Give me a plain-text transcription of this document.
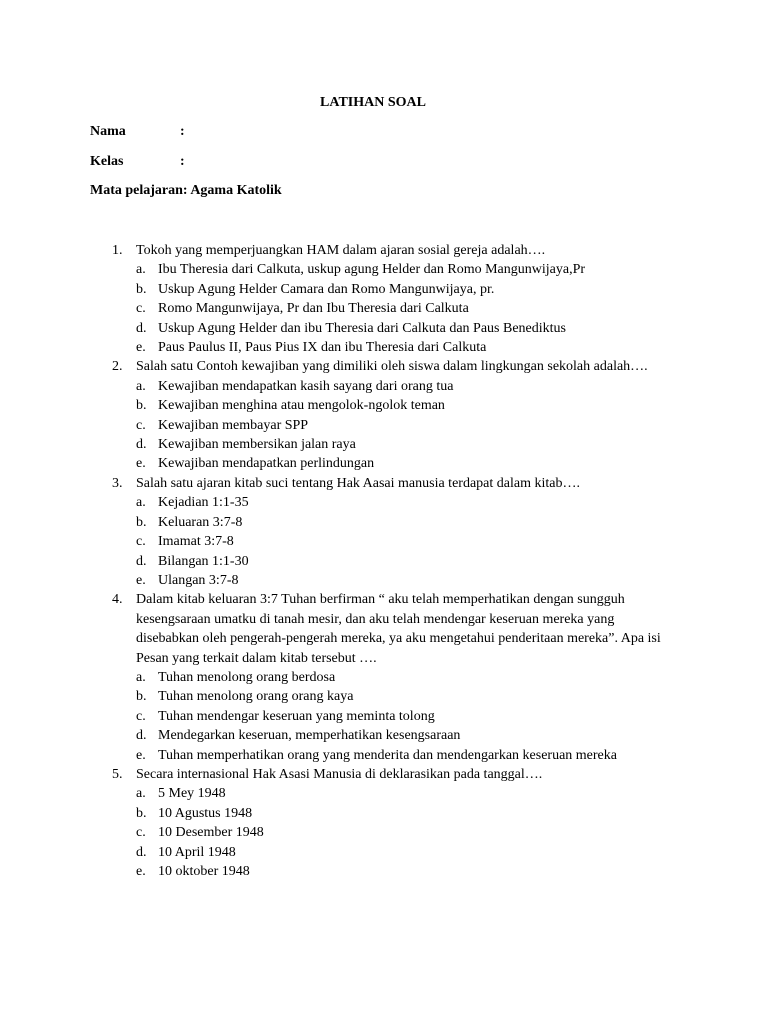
LATIHAN SOAL
Nama	:
Kelas	:
Mata pelajaran: Agama Katolik
1. Tokoh yang memperjuangkan HAM dalam ajaran sosial gereja adalah….
a. Ibu Theresia dari Calkuta, uskup agung Helder dan Romo Mangunwijaya,Pr
b. Uskup Agung Helder Camara dan Romo Mangunwijaya, pr.
c. Romo Mangunwijaya, Pr dan Ibu Theresia dari Calkuta
d. Uskup Agung Helder dan ibu Theresia dari Calkuta dan Paus Benediktus
e. Paus Paulus II, Paus Pius IX dan ibu Theresia dari Calkuta
2. Salah satu Contoh kewajiban yang dimiliki oleh siswa dalam lingkungan sekolah adalah….
a. Kewajiban mendapatkan kasih sayang dari orang tua
b. Kewajiban menghina atau mengolok-ngolok teman
c. Kewajiban membayar SPP
d. Kewajiban membersikan jalan raya
e. Kewajiban mendapatkan perlindungan
3. Salah satu ajaran kitab suci tentang Hak Aasai manusia terdapat dalam kitab….
a. Kejadian 1:1-35
b. Keluaran 3:7-8
c. Imamat 3:7-8
d. Bilangan 1:1-30
e. Ulangan 3:7-8
4. Dalam kitab keluaran 3:7 Tuhan berfirman “ aku telah memperhatikan dengan sungguh kesengsaraan umatku di tanah mesir, dan aku telah mendengar keseruan mereka yang disebabkan oleh pengerah-pengerah mereka, ya aku mengetahui penderitaan mereka”. Apa isi Pesan yang terkait dalam kitab tersebut ….
a. Tuhan menolong orang berdosa
b. Tuhan menolong orang orang kaya
c. Tuhan mendengar keseruan yang meminta tolong
d. Mendegarkan keseruan, memperhatikan kesengsaraan
e. Tuhan memperhatikan orang yang menderita dan mendengarkan keseruan mereka
5. Secara internasional Hak Asasi Manusia di deklarasikan pada tanggal….
a. 5 Mey 1948
b. 10 Agustus 1948
c. 10 Desember 1948
d. 10 April 1948
e. 10 oktober 1948
